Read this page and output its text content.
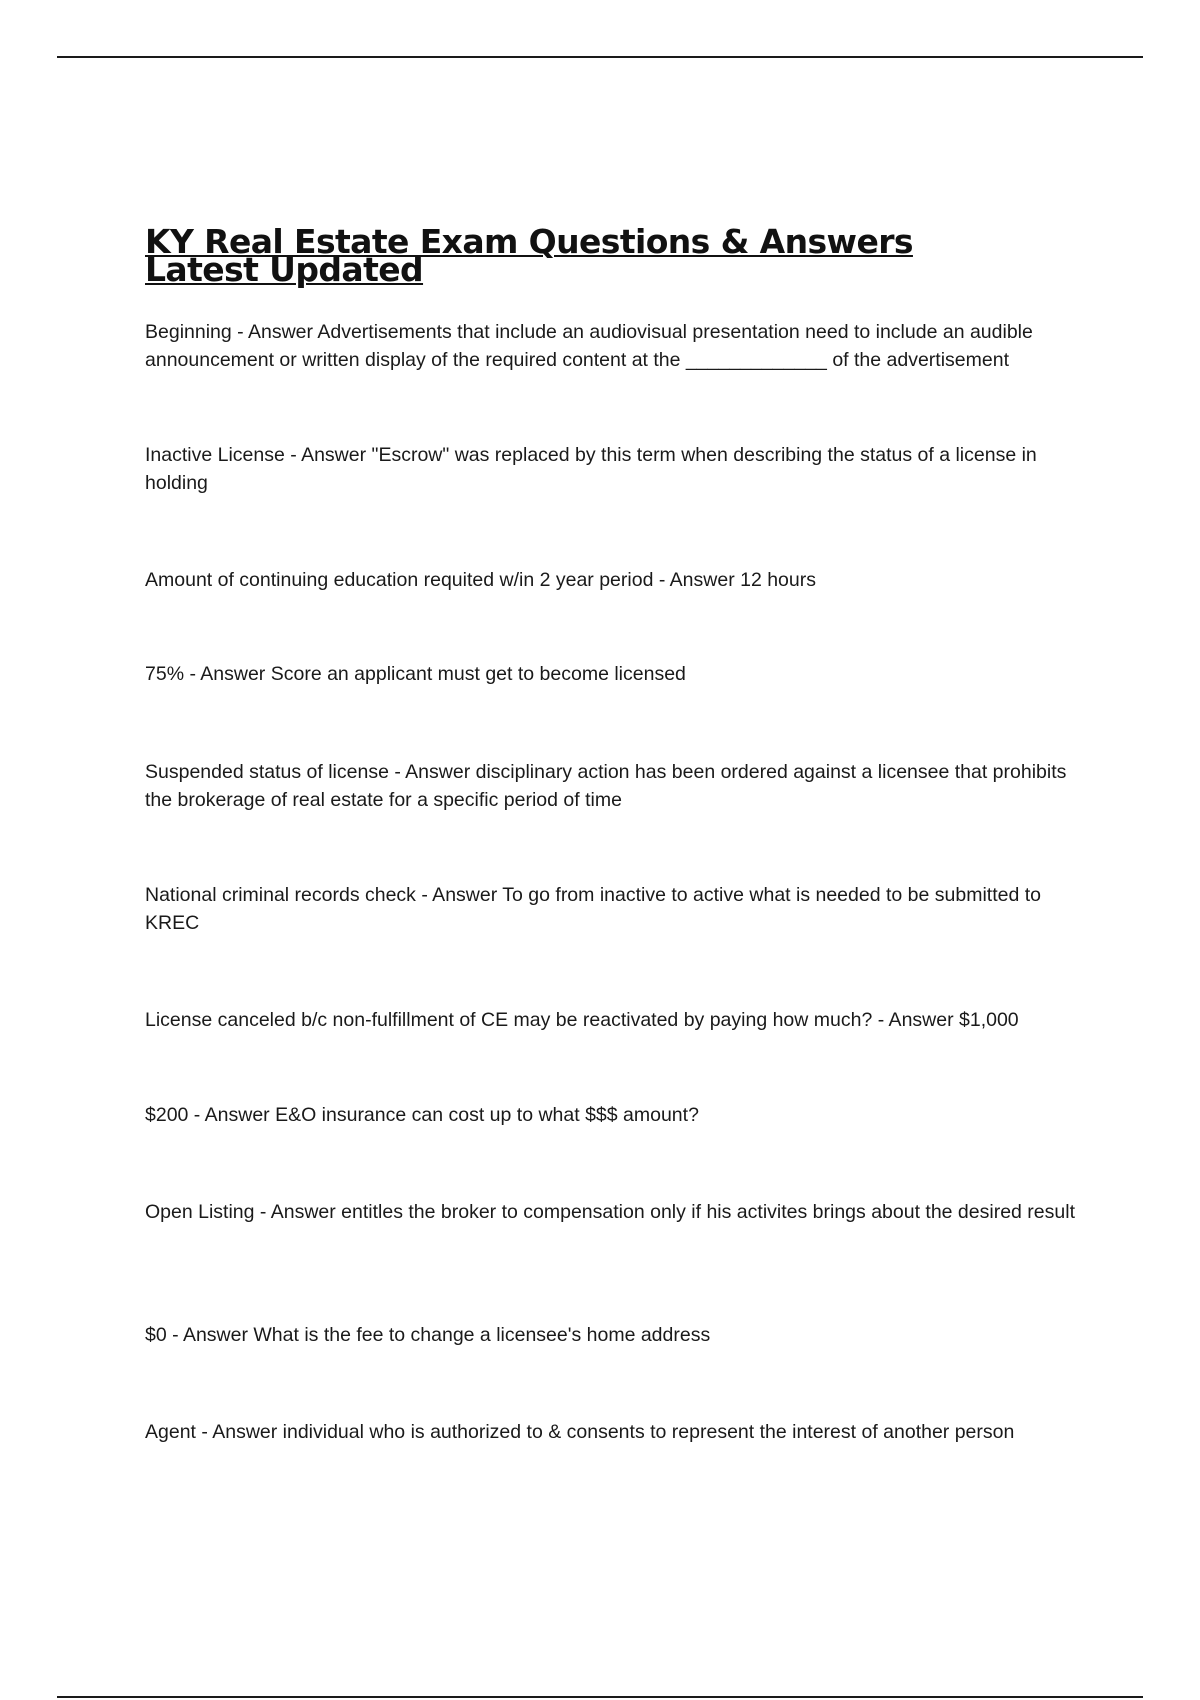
KY Real Estate Exam Questions & Answers Latest Updated
Beginning - Answer Advertisements that include an audiovisual presentation need to include an audible announcement or written display of the required content at the _____________ of the advertisement
Inactive License - Answer "Escrow" was replaced by this term when describing the status of a license in holding
Amount of continuing education requited w/in 2 year period - Answer 12 hours
75% - Answer Score an applicant must get to become licensed
Suspended status of license - Answer disciplinary action has been ordered against a licensee that prohibits the brokerage of real estate for a specific period of time
National criminal records check - Answer To go from inactive to active what is needed to be submitted to KREC
License canceled b/c non-fulfillment of CE may be reactivated by paying how much? - Answer $1,000
$200 - Answer E&O insurance can cost up to what $$$ amount?
Open Listing - Answer entitles the broker to compensation only if his activites brings about the desired result
$0 - Answer What is the fee to change a licensee's home address
Agent - Answer individual who is authorized to & consents to represent the interest of another person
